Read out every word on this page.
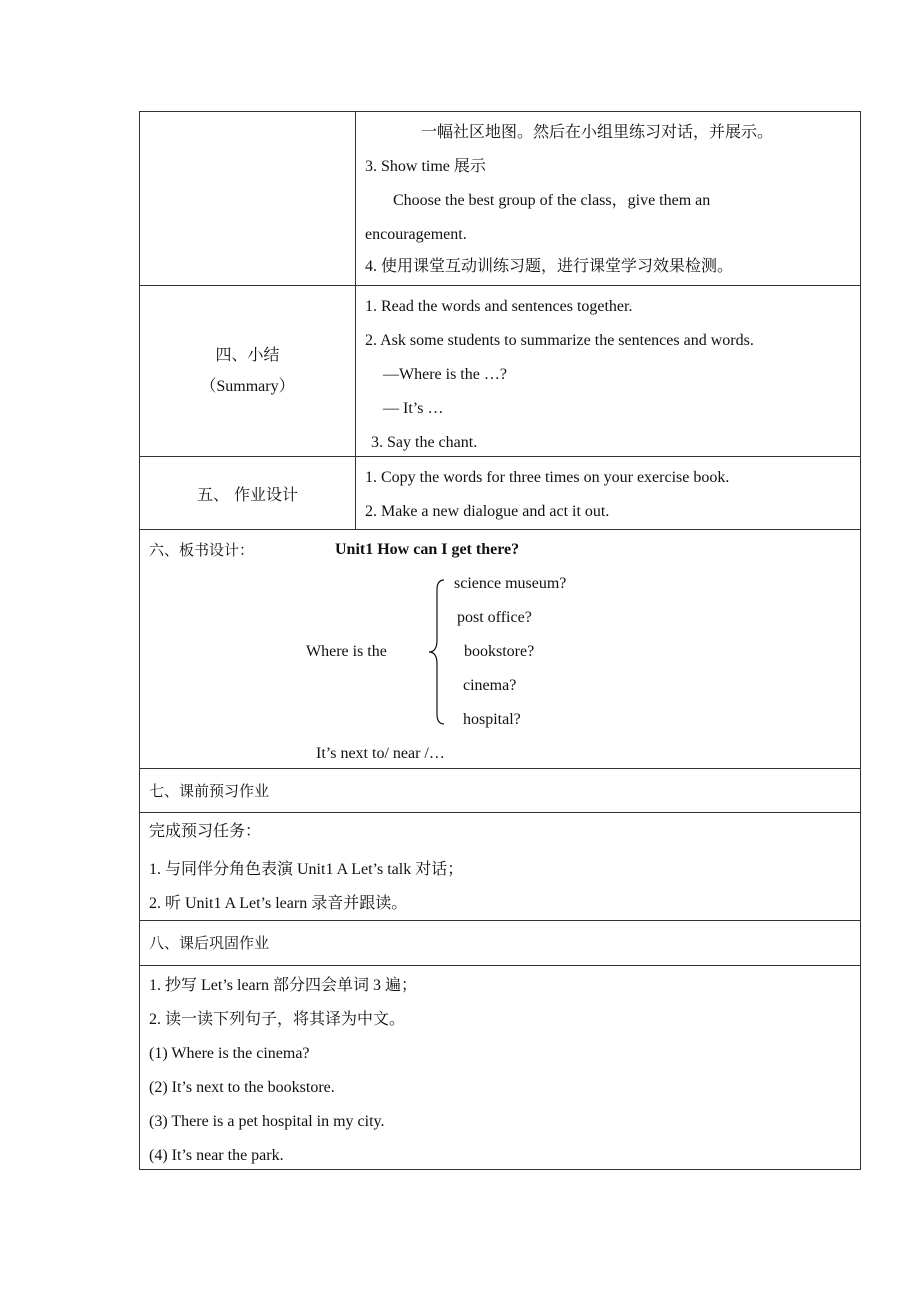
一幅社区地图。然后在小组里练习对话，并展示。
3. Show time 展示
Choose the best group of the class，give them an
encouragement.
4. 使用课堂互动训练习题，进行课堂学习效果检测。
四、小结
（Summary）
1. Read the words and sentences together.
2. Ask some students to summarize the sentences and words.
—Where is the …?
— It’s …
3. Say the chant.
五、 作业设计
1. Copy the words for three times on your exercise book.
2. Make a new dialogue and act it out.
六、板书设计：	Unit1 How can I get there?
Where is the
science museum?
post office?
bookstore?
cinema?
hospital?
It’s next to/ near /…
七、课前预习作业
完成预习任务：
1. 与同伴分角色表演 Unit1 A Let’s talk 对话；
2. 听 Unit1 A Let’s learn 录音并跟读。
八、课后巩固作业
1. 抄写 Let’s learn 部分四会单词 3 遍；
2. 读一读下列句子，将其译为中文。
(1) Where is the cinema?
(2) It’s next to the bookstore.
(3) There is a pet hospital in my city.
(4) It’s near the park.
